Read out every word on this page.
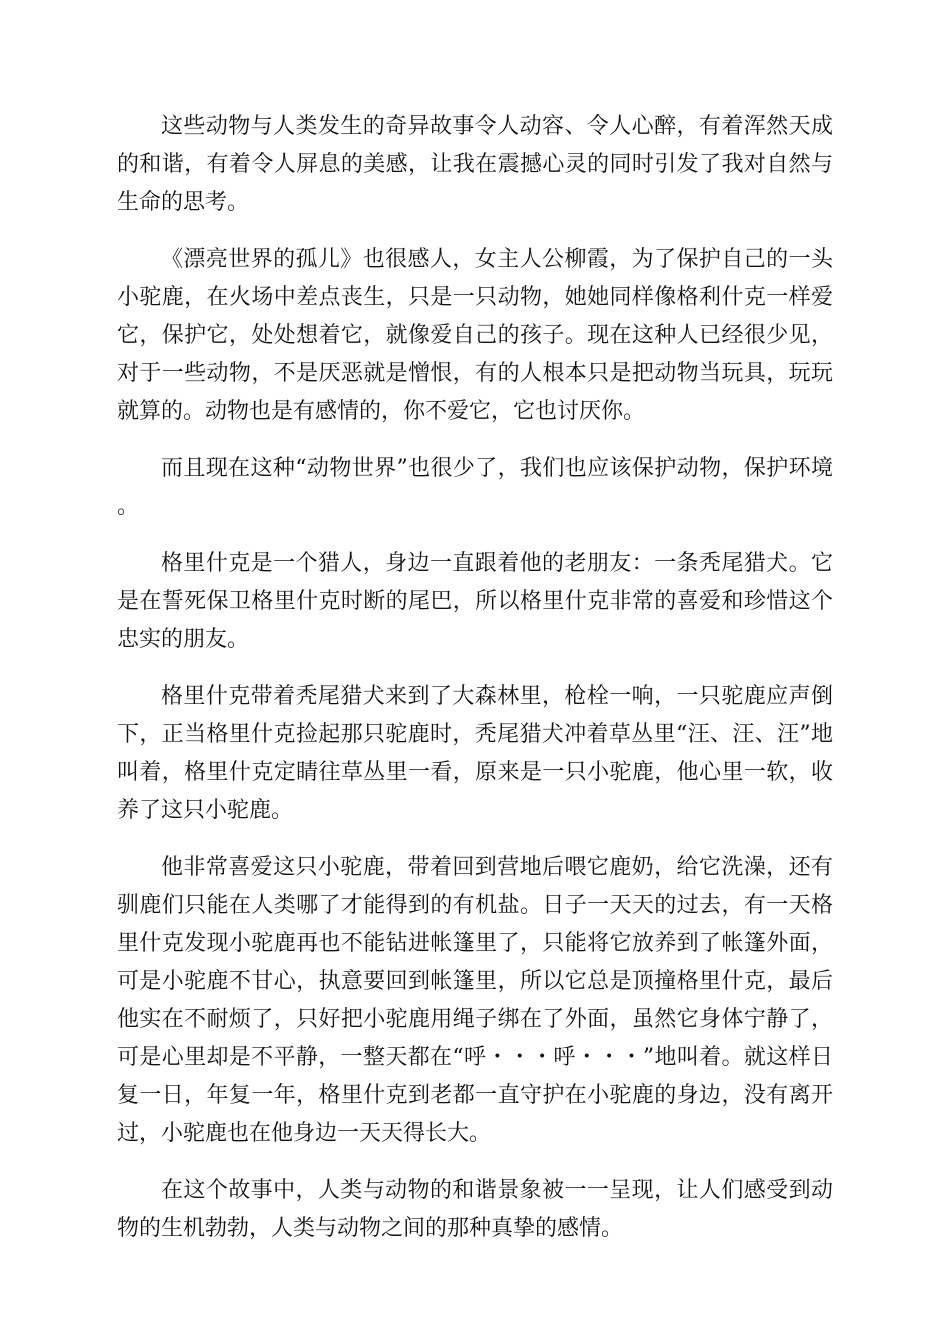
这些动物与人类发生的奇异故事令人动容、令人心醉，有着浑然天成的和谐，有着令人屏息的美感，让我在震撼心灵的同时引发了我对自然与生命的思考。

《漂亮世界的孤儿》也很感人，女主人公柳霞，为了保护自己的一头小驼鹿，在火场中差点丧生，只是一只动物，她她同样像格利什克一样爱它，保护它，处处想着它，就像爱自己的孩子。现在这种人已经很少见，对于一些动物，不是厌恶就是憎恨，有的人根本只是把动物当玩具，玩玩就算的。动物也是有感情的，你不爱它，它也讨厌你。

而且现在这种“动物世界”也很少了，我们也应该保护动物，保护环境。

格里什克是一个猎人，身边一直跟着他的老朋友：一条秃尾猎犬。它是在誓死保卫格里什克时断的尾巴，所以格里什克非常的喜爱和珍惜这个忠实的朋友。

格里什克带着秃尾猎犬来到了大森林里，枪栓一响，一只驼鹿应声倒下，正当格里什克捡起那只驼鹿时，秃尾猎犬冲着草丛里“汪、汪、汪”地叫着，格里什克定睛往草丛里一看，原来是一只小驼鹿，他心里一软，收养了这只小驼鹿。

他非常喜爱这只小驼鹿，带着回到营地后喂它鹿奶，给它洗澡，还有驯鹿们只能在人类哪了才能得到的有机盐。日子一天天的过去，有一天格里什克发现小驼鹿再也不能钻进帐篷里了，只能将它放养到了帐篷外面，可是小驼鹿不甘心，执意要回到帐篷里，所以它总是顶撞格里什克，最后他实在不耐烦了，只好把小驼鹿用绳子绑在了外面，虽然它身体宁静了，可是心里却是不平静，一整天都在“呼・・・呼・・・”地叫着。就这样日复一日，年复一年，格里什克到老都一直守护在小驼鹿的身边，没有离开过，小驼鹿也在他身边一天天得长大。

在这个故事中，人类与动物的和谐景象被一一呈现，让人们感受到动物的生机勃勃，人类与动物之间的那种真挚的感情。
